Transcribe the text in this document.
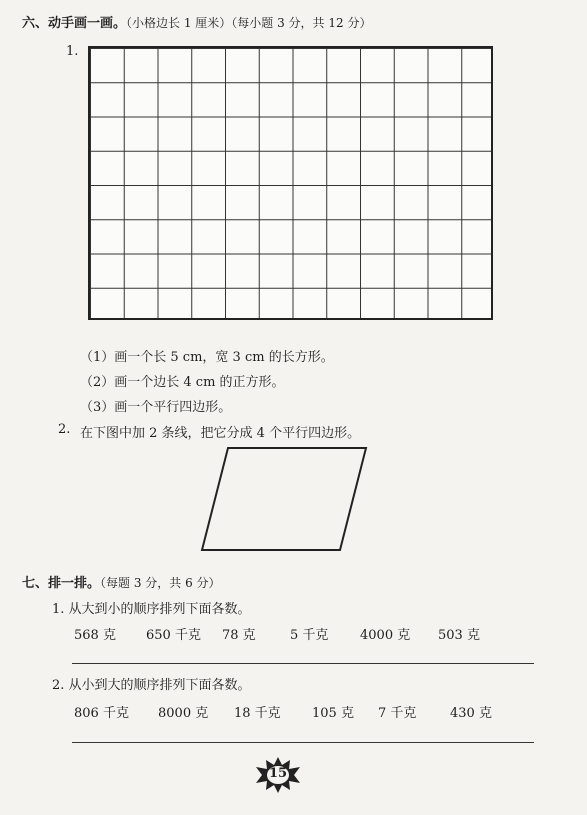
六、动手画一画。（小格边长 1 厘米）（每小题 3 分，共 12 分）
1.
（1）画一个长 5 cm，宽 3 cm 的长方形。
（2）画一个边长 4 cm 的正方形。
（3）画一个平行四边形。
2. 在下图中加 2 条线，把它分成 4 个平行四边形。
七、排一排。（每题 3 分，共 6 分）
1. 从大到小的顺序排列下面各数。
568 克 650 千克 78 克	5 千克 4000 克 503 克
2. 从小到大的顺序排列下面各数。
806 千克 8000 克 18 千克 105 克 7 千克	430 克
15
